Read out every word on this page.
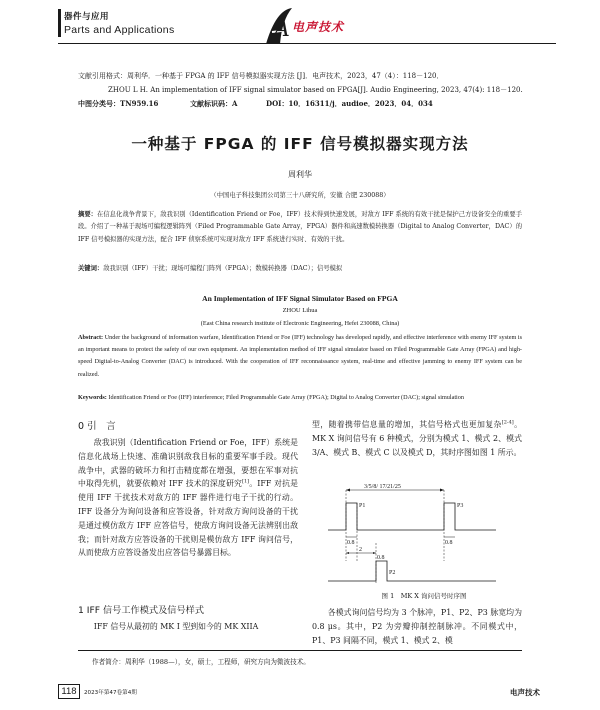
器件与应用
Parts and Applications	A 电声技术
文献引用格式：周利华．一种基于 FPGA 的 IFF 信号模拟器实现方法 [J]．电声技术，2023，47（4）：118－120．
ZHOU L H. An implementation of IFF signal simulator based on FPGA[J]. Audio Engineering, 2023, 47(4): 118－120.
中图分类号：TN959.16	文献标识码：A	DOI：10．16311/j．audioe．2023．04．034
一种基于 FPGA 的 IFF 信号模拟器实现方法
周利华
（中国电子科技集团公司第三十八研究所，安徽 合肥 230088）
摘要：在信息化战争背景下，敌我识别（Identification Friend or Foe，IFF）技术得到快速发展，对敌方 IFF 系统的有效干扰是保护己方设备安全的重要手段。介绍了一种基于现场可编程逻辑阵列（Filed Programmable Gate Array，FPGA）器件和高速数模转换器（Digital to Analog Converter，DAC）的 IFF 信号模拟器的实现方法，配合 IFF 侦察系统可实现对敌方 IFF 系统进行实时、有效的干扰。
关键词：敌我识别（IFF）干扰；现场可编程门阵列（FPGA）；数模转换器（DAC）；信号模拟
An Implementation of IFF Signal Simulator Based on FPGA
ZHOU Lihua
(East China research institute of Electronic Engineering, Hefei 230088, China)
Abstract: Under the background of information warfare, Identification Friend or Foe (IFF) technology has developed rapidly, and effective interference with enemy IFF system is an important means to protect the safety of our own equipment. An implementation method of IFF signal simulator based on Filed Programmable Gate Array (FPGA) and high-speed Digital-to-Analog Converter (DAC) is introduced. With the cooperation of IFF reconnaissance system, real-time and effective jamming to enemy IFF system can be realized.
Keywords: Identification Friend or Foe (IFF) interference; Filed Programmable Gate Array (FPGA); Digital to Analog Converter (DAC); signal simulation
0 引　言

敌我识别（Identification Friend or Foe，IFF）系统是信息化战场上快速、准确识别敌我目标的重要军事手段。现代战争中，武器的破坏力和打击精度都在增强，要想在军事对抗中取得先机，就要依赖对 IFF 技术的深度研究[1]。IFF 对抗是使用 IFF 干扰技术对敌方的 IFF 器件进行电子干扰的行动。IFF 设备分为询问设备和应答设备，针对敌方询问设备的干扰是通过模仿敌方 IFF 应答信号，使敌方询问设备无法辨别出敌我；而针对敌方应答设备的干扰则是模仿敌方 IFF 询问信号，从而使敌方应答设备发出应答信号暴露目标。

1 IFF 信号工作模式及信号样式

IFF 信号从最初的 MK I 型到如今的 MK XIIA

型，随着携带信息量的增加，其信号格式也更加复杂[2-4]。MK X 询问信号有 6 种模式，分别为模式 1、模式 2、模式 3/A、模式 B、模式 C 以及模式 D，其时序图如图 1 所示。

3/5/8/ 17/21/25
P1	P3
0.8	0.8
2
0.8
P2
图 1　MK X 询问信号时序图

各模式询问信号均为 3 个脉冲，P1、P2、P3 脉宽均为 0.8 μs。其中，P2 为旁瓣抑制控制脉冲。不同模式中，P1、P3 间隔不同，模式 1、模式 2、模

作者简介：周利华（1988—），女，硕士，工程师，研究方向为微波技术。
118	2023年第47卷第4期	电声技术
